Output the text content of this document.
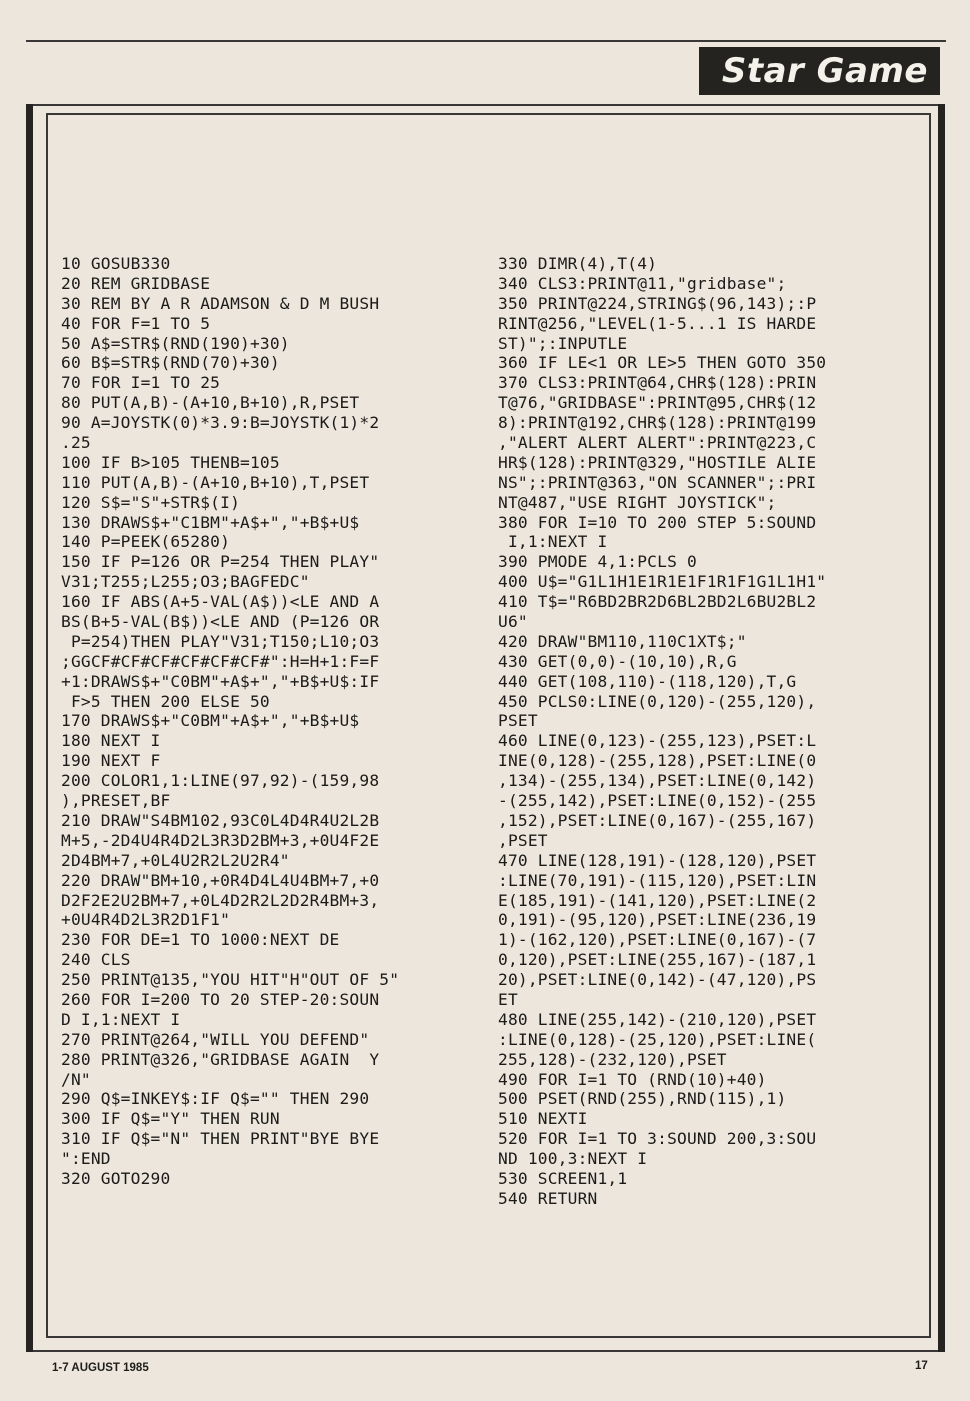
Star Game
10 GOSUB330
20 REM GRIDBASE
30 REM BY A R ADAMSON & D M BUSH
40 FOR F=1 TO 5
50 A$=STR$(RND(190)+30)
60 B$=STR$(RND(70)+30)
70 FOR I=1 TO 25
80 PUT(A,B)-(A+10,B+10),R,PSET
90 A=JOYSTK(0)*3.9:B=JOYSTK(1)*2
.25
100 IF B>105 THENB=105
110 PUT(A,B)-(A+10,B+10),T,PSET
120 S$="S"+STR$(I)
130 DRAWS$+"C1BM"+A$+","+B$+U$
140 P=PEEK(65280)
150 IF P=126 OR P=254 THEN PLAY"
V31;T255;L255;O3;BAGFEDC"
160 IF ABS(A+5-VAL(A$))<LE AND A
BS(B+5-VAL(B$))<LE AND (P=126 OR
P=254)THEN PLAY"V31;T150;L10;O3
;GGCF#CF#CF#CF#CF#CF#":H=H+1:F=F
+1:DRAWS$+"C0BM"+A$+","+B$+U$:IF
F>5 THEN 200 ELSE 50
170 DRAWS$+"C0BM"+A$+","+B$+U$
180 NEXT I
190 NEXT F
200 COLOR1,1:LINE(97,92)-(159,98
),PRESET,BF
210 DRAW"S4BM102,93C0L4D4R4U2L2B
M+5,-2D4U4R4D2L3R3D2BM+3,+0U4F2E
2D4BM+7,+0L4U2R2L2U2R4"
220 DRAW"BM+10,+0R4D4L4U4BM+7,+0
D2F2E2U2BM+7,+0L4D2R2L2D2R4BM+3,
+0U4R4D2L3R2D1F1"
230 FOR DE=1 TO 1000:NEXT DE
240 CLS
250 PRINT@135,"YOU HIT"H"OUT OF 5"
260 FOR I=200 TO 20 STEP-20:SOUN
D I,1:NEXT I
270 PRINT@264,"WILL YOU DEFEND"
280 PRINT@326,"GRIDBASE AGAIN  Y
/N"
290 Q$=INKEY$:IF Q$="" THEN 290
300 IF Q$="Y" THEN RUN
310 IF Q$="N" THEN PRINT"BYE BYE
":END
320 GOTO290
330 DIMR(4),T(4)
340 CLS3:PRINT@11,"gridbase";
350 PRINT@224,STRING$(96,143);:P
RINT@256,"LEVEL(1-5...1 IS HARDE
ST)";:INPUTLE
360 IF LE<1 OR LE>5 THEN GOTO 350
370 CLS3:PRINT@64,CHR$(128):PRIN
T@76,"GRIDBASE":PRINT@95,CHR$(12
8):PRINT@192,CHR$(128):PRINT@199
,"ALERT ALERT ALERT":PRINT@223,C
HR$(128):PRINT@329,"HOSTILE ALIE
NS";:PRINT@363,"ON SCANNER";:PRI
NT@487,"USE RIGHT JOYSTICK";
380 FOR I=10 TO 200 STEP 5:SOUND
I,1:NEXT I
390 PMODE 4,1:PCLS 0
400 U$="G1L1H1E1R1E1F1R1F1G1L1H1"
410 T$="R6BD2BR2D6BL2BD2L6BU2BL2
U6"
420 DRAW"BM110,110C1XT$;"
430 GET(0,0)-(10,10),R,G
440 GET(108,110)-(118,120),T,G
450 PCLS0:LINE(0,120)-(255,120),
PSET
460 LINE(0,123)-(255,123),PSET:L
INE(0,128)-(255,128),PSET:LINE(0
,134)-(255,134),PSET:LINE(0,142)
-(255,142),PSET:LINE(0,152)-(255
,152),PSET:LINE(0,167)-(255,167)
,PSET
470 LINE(128,191)-(128,120),PSET
:LINE(70,191)-(115,120),PSET:LIN
E(185,191)-(141,120),PSET:LINE(2
0,191)-(95,120),PSET:LINE(236,19
1)-(162,120),PSET:LINE(0,167)-(7
0,120),PSET:LINE(255,167)-(187,1
20),PSET:LINE(0,142)-(47,120),PS
ET
480 LINE(255,142)-(210,120),PSET
:LINE(0,128)-(25,120),PSET:LINE(
255,128)-(232,120),PSET
490 FOR I=1 TO (RND(10)+40)
500 PSET(RND(255),RND(115),1)
510 NEXTI
520 FOR I=1 TO 3:SOUND 200,3:SOU
ND 100,3:NEXT I
530 SCREEN1,1
540 RETURN
1-7 AUGUST 1985	17
